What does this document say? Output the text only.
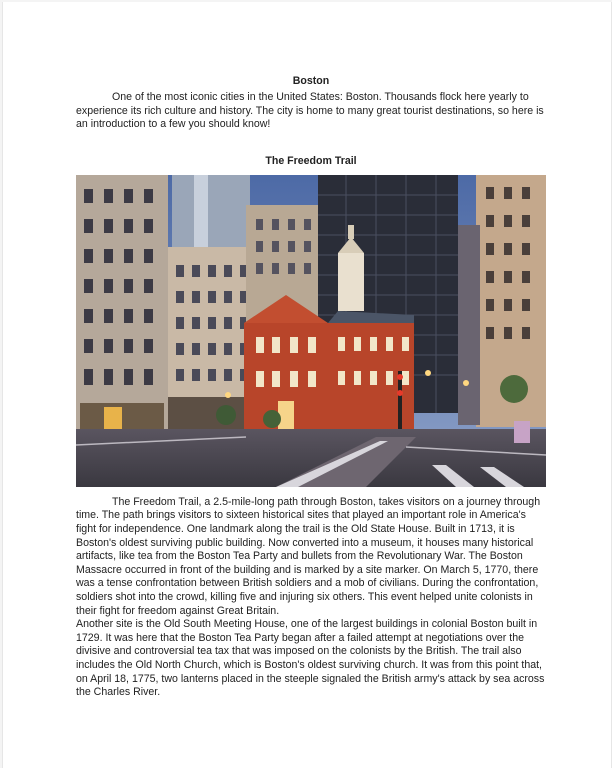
Boston

One of the most iconic cities in the United States: Boston. Thousands flock here yearly to experience its rich culture and history. The city is home to many great tourist destinations, so here is an introduction to a few you should know!

The Freedom Trail

The Freedom Trail, a 2.5-mile-long path through Boston, takes visitors on a journey through time. The path brings visitors to sixteen historical sites that played an important role in America's fight for independence. One landmark along the trail is the Old State House. Built in 1713, it is Boston's oldest surviving public building. Now converted into a museum, it houses many historical artifacts, like tea from the Boston Tea Party and bullets from the Revolutionary War. The Boston Massacre occurred in front of the building and is marked by a site marker. On March 5, 1770, there was a tense confrontation between British soldiers and a mob of civilians. During the confrontation, soldiers shot into the crowd, killing five and injuring six others. This event helped unite colonists in their fight for freedom against Great Britain.

Another site is the Old South Meeting House, one of the largest buildings in colonial Boston built in 1729. It was here that the Boston Tea Party began after a failed attempt at negotiations over the divisive and controversial tea tax that was imposed on the colonists by the British. The trail also includes the Old North Church, which is Boston's oldest surviving church. It was from this point that, on April 18, 1775, two lanterns placed in the steeple signaled the British army's attack by sea across the Charles River.
